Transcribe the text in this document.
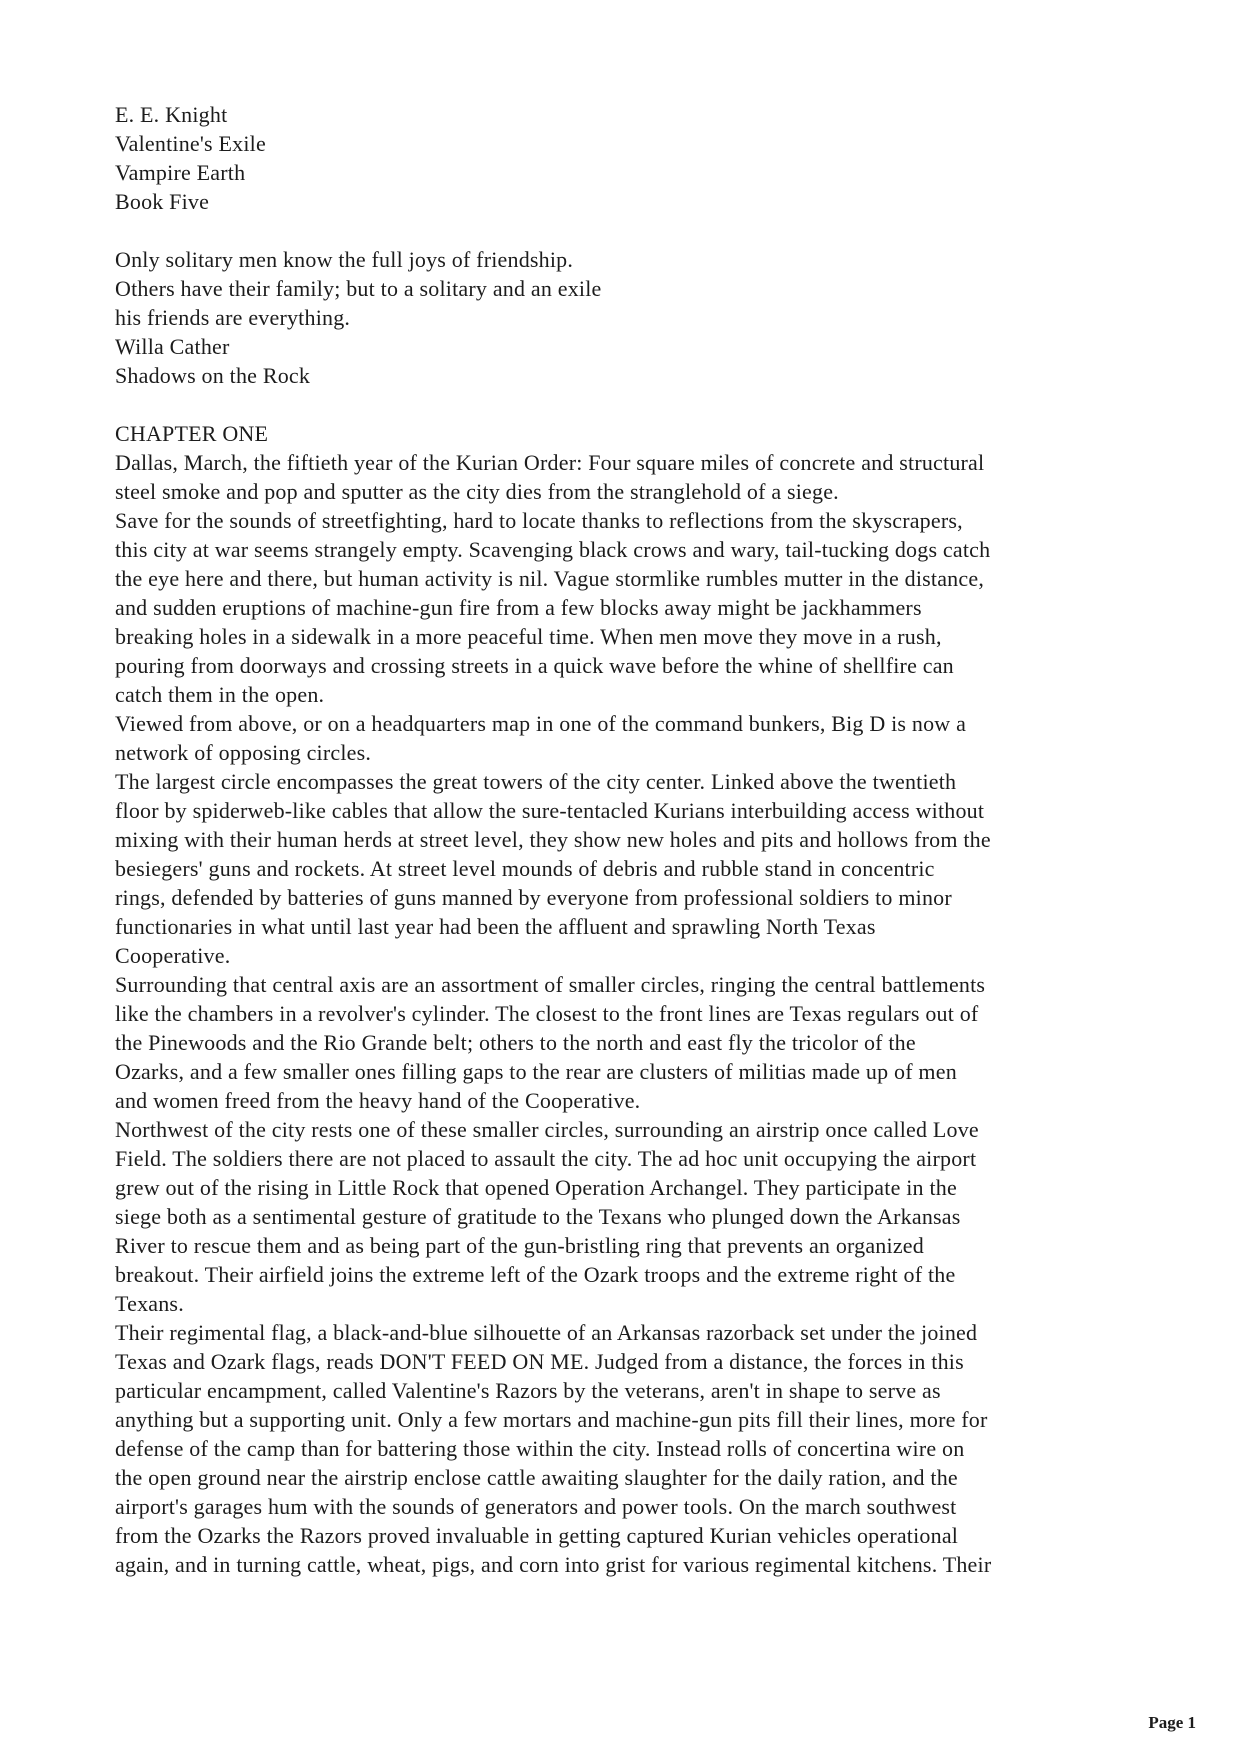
E. E. Knight
Valentine's Exile
Vampire Earth
Book Five
Only solitary men know the full joys of friendship.
Others have their family; but to a solitary and an exile
his friends are everything.
Willa Cather
Shadows on the Rock
CHAPTER ONE
Dallas, March, the fiftieth year of the Kurian Order: Four square miles of concrete and structural
steel smoke and pop and sputter as the city dies from the stranglehold of a siege.
Save for the sounds of streetfighting, hard to locate thanks to reflections from the skyscrapers,
this city at war seems strangely empty. Scavenging black crows and wary, tail-tucking dogs catch
the eye here and there, but human activity is nil. Vague stormlike rumbles mutter in the distance,
and sudden eruptions of machine-gun fire from a few blocks away might be jackhammers
breaking holes in a sidewalk in a more peaceful time. When men move they move in a rush,
pouring from doorways and crossing streets in a quick wave before the whine of shellfire can
catch them in the open.
Viewed from above, or on a headquarters map in one of the command bunkers, Big D is now a
network of opposing circles.
The largest circle encompasses the great towers of the city center. Linked above the twentieth
floor by spiderweb-like cables that allow the sure-tentacled Kurians interbuilding access without
mixing with their human herds at street level, they show new holes and pits and hollows from the
besiegers' guns and rockets. At street level mounds of debris and rubble stand in concentric
rings, defended by batteries of guns manned by everyone from professional soldiers to minor
functionaries in what until last year had been the affluent and sprawling North Texas
Cooperative.
Surrounding that central axis are an assortment of smaller circles, ringing the central battlements
like the chambers in a revolver's cylinder. The closest to the front lines are Texas regulars out of
the Pinewoods and the Rio Grande belt; others to the north and east fly the tricolor of the
Ozarks, and a few smaller ones filling gaps to the rear are clusters of militias made up of men
and women freed from the heavy hand of the Cooperative.
Northwest of the city rests one of these smaller circles, surrounding an airstrip once called Love
Field. The soldiers there are not placed to assault the city. The ad hoc unit occupying the airport
grew out of the rising in Little Rock that opened Operation Archangel. They participate in the
siege both as a sentimental gesture of gratitude to the Texans who plunged down the Arkansas
River to rescue them and as being part of the gun-bristling ring that prevents an organized
breakout. Their airfield joins the extreme left of the Ozark troops and the extreme right of the
Texans.
Their regimental flag, a black-and-blue silhouette of an Arkansas razorback set under the joined
Texas and Ozark flags, reads DON'T FEED ON ME. Judged from a distance, the forces in this
particular encampment, called Valentine's Razors by the veterans, aren't in shape to serve as
anything but a supporting unit. Only a few mortars and machine-gun pits fill their lines, more for
defense of the camp than for battering those within the city. Instead rolls of concertina wire on
the open ground near the airstrip enclose cattle awaiting slaughter for the daily ration, and the
airport's garages hum with the sounds of generators and power tools. On the march southwest
from the Ozarks the Razors proved invaluable in getting captured Kurian vehicles operational
again, and in turning cattle, wheat, pigs, and corn into grist for various regimental kitchens. Their
Page 1
